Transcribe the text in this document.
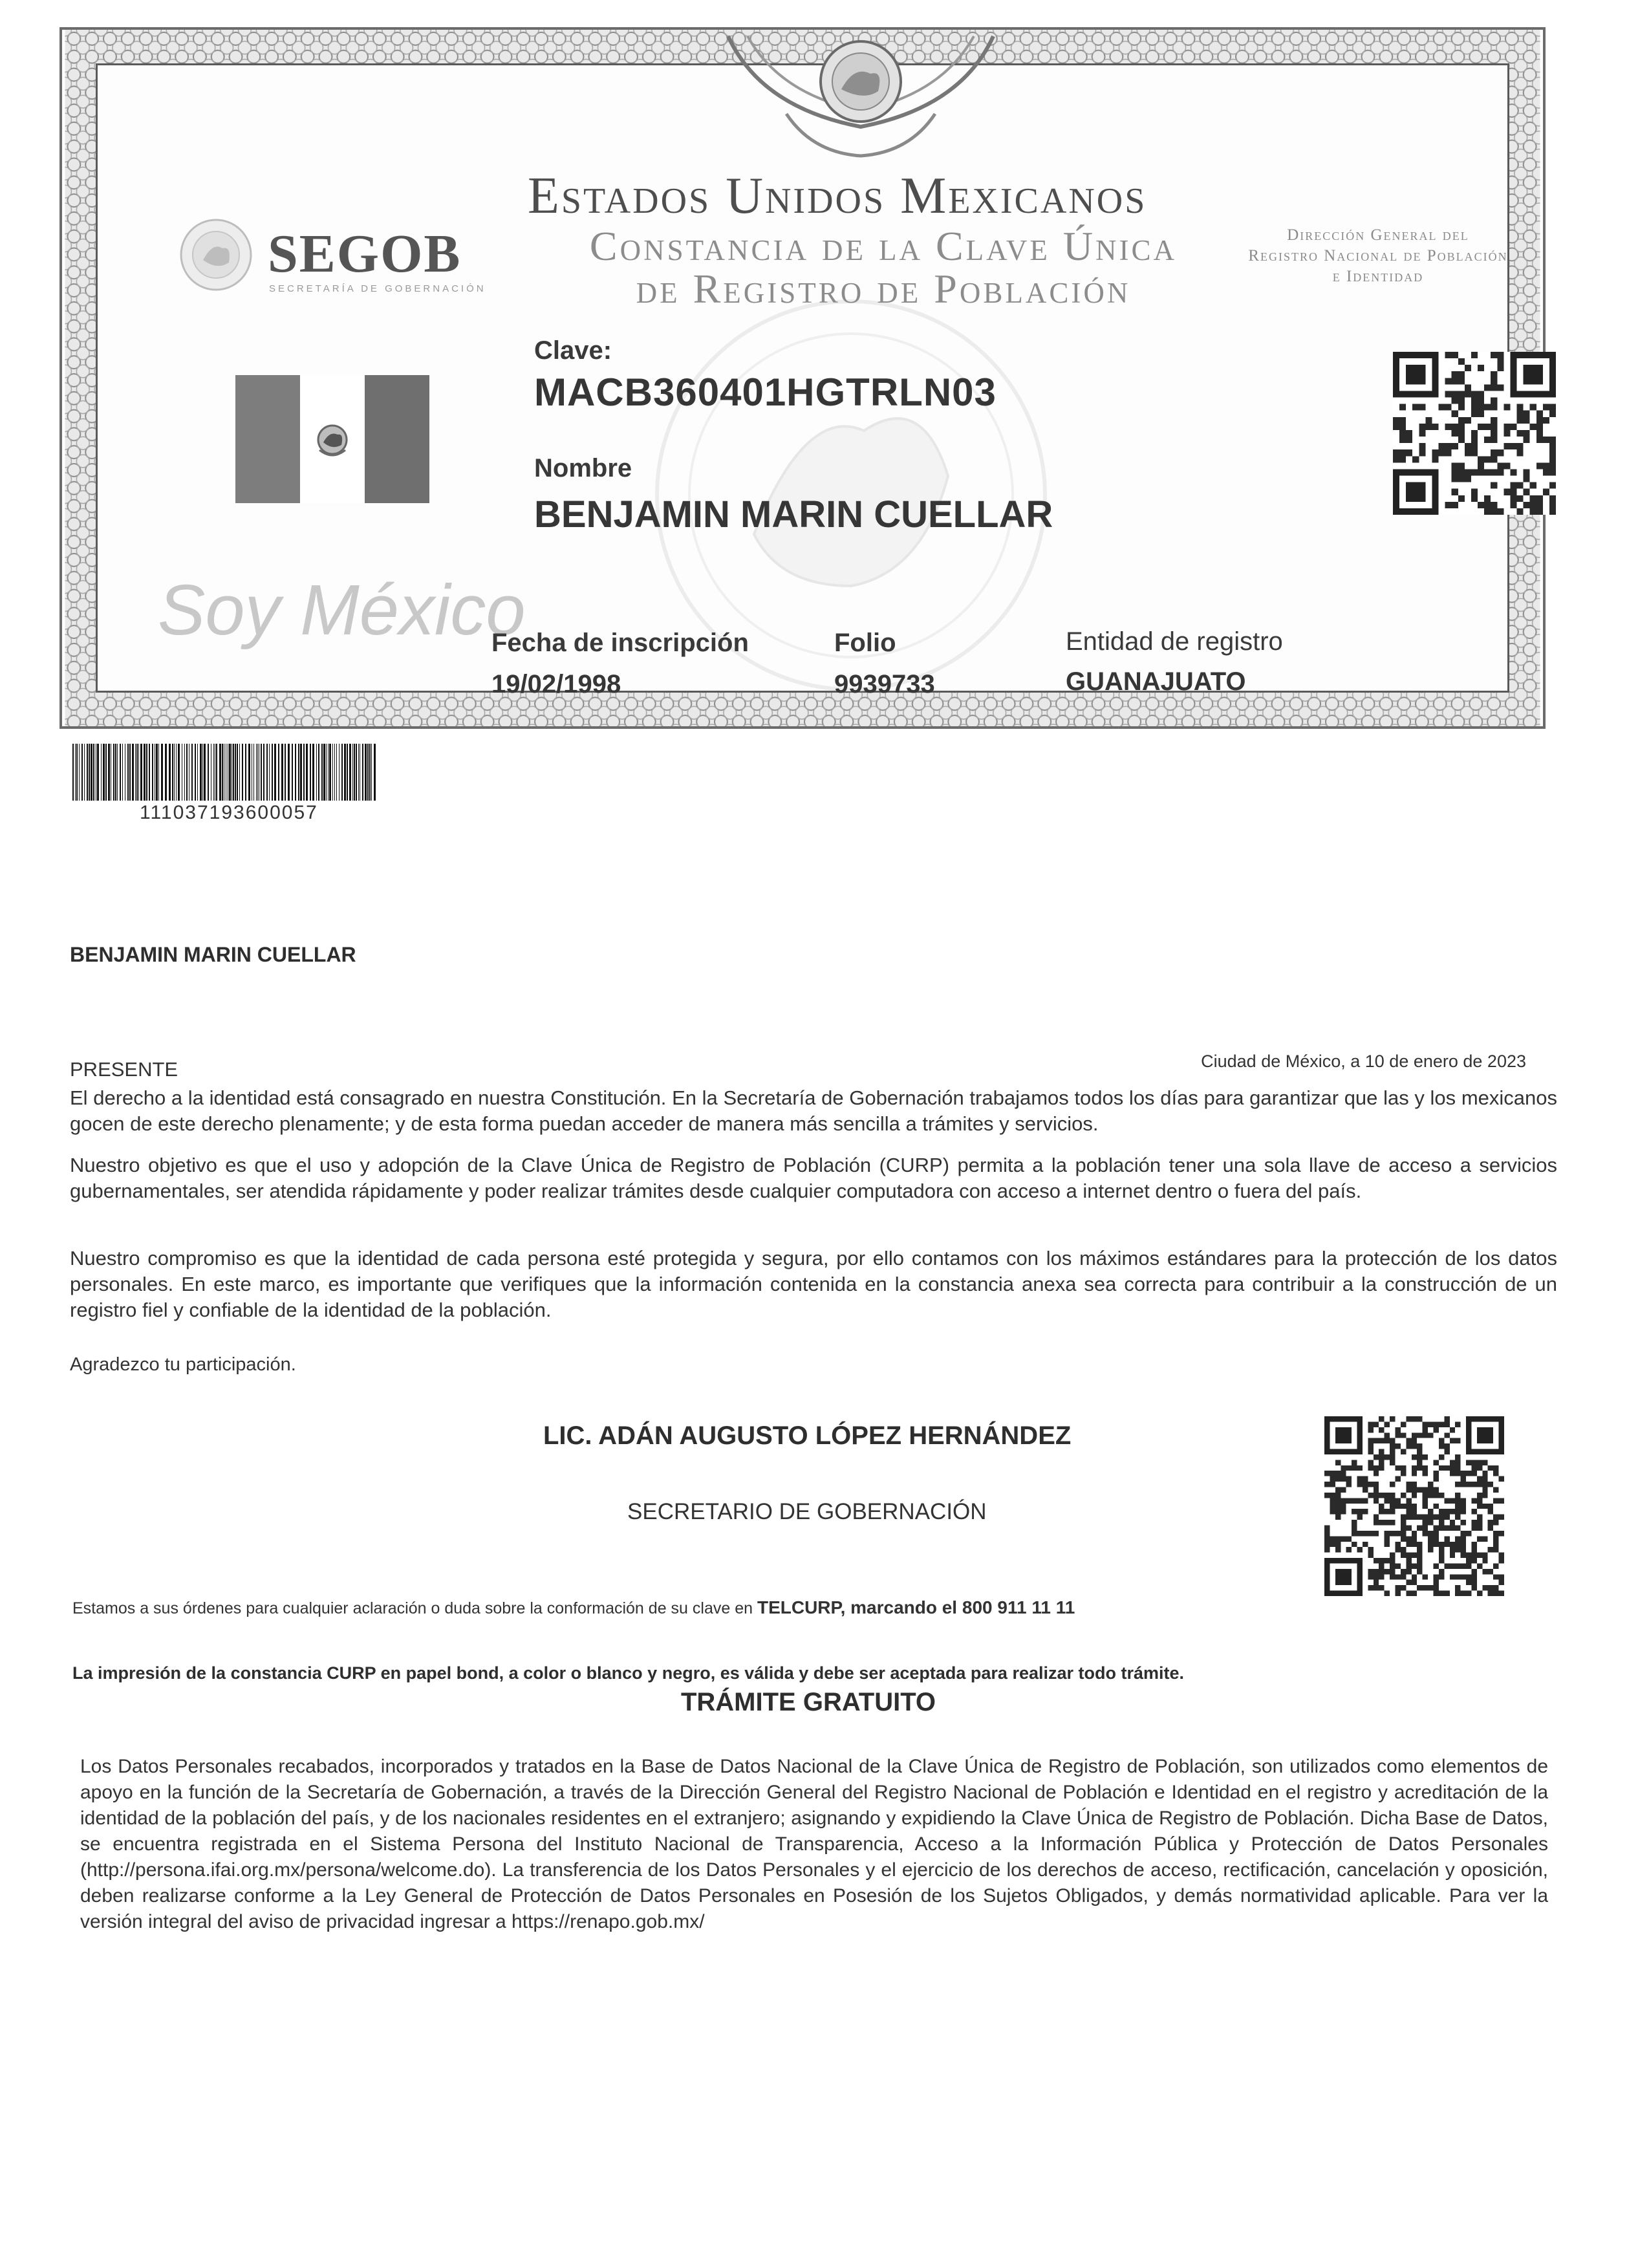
SEGOB
SECRETARÍA DE GOBERNACIÓN
Estados Unidos Mexicanos
Constancia de la Clave Única
de Registro de Población
Dirección General del
Registro Nacional de Población
e Identidad
Clave:
MACB360401HGTRLN03
Nombre
BENJAMIN MARIN CUELLAR
Soy México
Fecha de inscripción
19/02/1998
Folio
9939733
Entidad de registro
GUANAJUATO
111037193600057
BENJAMIN MARIN CUELLAR
PRESENTE	Ciudad de México, a 10 de enero de 2023
El derecho a la identidad está consagrado en nuestra Constitución. En la Secretaría de Gobernación trabajamos todos los días para garantizar que las y los mexicanos gocen de este derecho plenamente; y de esta forma puedan acceder de manera más sencilla a trámites y servicios.
Nuestro objetivo es que el uso y adopción de la Clave Única de Registro de Población (CURP) permita a la población tener una sola llave de acceso a servicios gubernamentales, ser atendida rápidamente y poder realizar trámites desde cualquier computadora con acceso a internet dentro o fuera del país.
Nuestro compromiso es que la identidad de cada persona esté protegida y segura, por ello contamos con los máximos estándares para la protección de los datos personales. En este marco, es importante que verifiques que la información contenida en la constancia anexa sea correcta para contribuir a la construcción de un registro fiel y confiable de la identidad de la población.
Agradezco tu participación.
LIC. ADÁN AUGUSTO LÓPEZ HERNÁNDEZ
SECRETARIO DE GOBERNACIÓN
Estamos a sus órdenes para cualquier aclaración o duda sobre la conformación de su clave en TELCURP, marcando el 800 911 11 11
La impresión de la constancia CURP en papel bond, a color o blanco y negro, es válida y debe ser aceptada para realizar todo trámite.
TRÁMITE GRATUITO
Los Datos Personales recabados, incorporados y tratados en la Base de Datos Nacional de la Clave Única de Registro de Población, son utilizados como elementos de apoyo en la función de la Secretaría de Gobernación, a través de la Dirección General del Registro Nacional de Población e Identidad en el registro y acreditación de la identidad de la población del país, y de los nacionales residentes en el extranjero; asignando y expidiendo la Clave Única de Registro de Población. Dicha Base de Datos, se encuentra registrada en el Sistema Persona del Instituto Nacional de Transparencia, Acceso a la Información Pública y Protección de Datos Personales (http://persona.ifai.org.mx/persona/welcome.do). La transferencia de los Datos Personales y el ejercicio de los derechos de acceso, rectificación, cancelación y oposición, deben realizarse conforme a la Ley General de Protección de Datos Personales en Posesión de los Sujetos Obligados, y demás normatividad aplicable. Para ver la versión integral del aviso de privacidad ingresar a https://renapo.gob.mx/
